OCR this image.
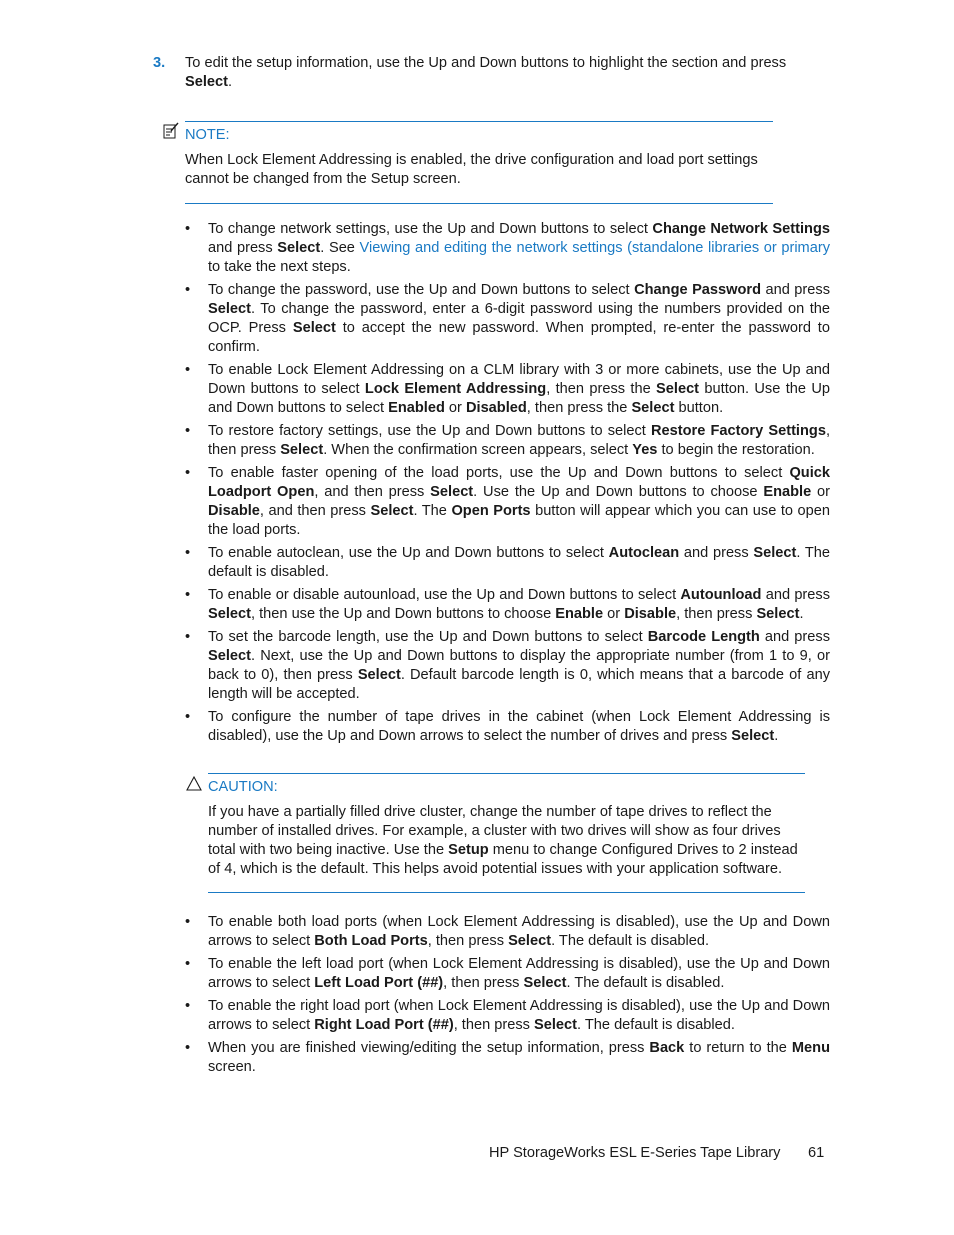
3.	To edit the setup information, use the Up and Down buttons to highlight the section and press Select.
NOTE:
When Lock Element Addressing is enabled, the drive configuration and load port settings cannot be changed from the Setup screen.
• To change network settings, use the Up and Down buttons to select Change Network Settings and press Select. See Viewing and editing the network settings (standalone libraries or primary to take the next steps.
• To change the password, use the Up and Down buttons to select Change Password and press Select. To change the password, enter a 6-digit password using the numbers provided on the OCP. Press Select to accept the new password. When prompted, re-enter the password to confirm.
• To enable Lock Element Addressing on a CLM library with 3 or more cabinets, use the Up and Down buttons to select Lock Element Addressing, then press the Select button. Use the Up and Down buttons to select Enabled or Disabled, then press the Select button.
• To restore factory settings, use the Up and Down buttons to select Restore Factory Settings, then press Select. When the confirmation screen appears, select Yes to begin the restoration.
• To enable faster opening of the load ports, use the Up and Down buttons to select Quick Loadport Open, and then press Select. Use the Up and Down buttons to choose Enable or Disable, and then press Select. The Open Ports button will appear which you can use to open the load ports.
• To enable autoclean, use the Up and Down buttons to select Autoclean and press Select. The default is disabled.
• To enable or disable autounload, use the Up and Down buttons to select Autounload and press Select, then use the Up and Down buttons to choose Enable or Disable, then press Select.
• To set the barcode length, use the Up and Down buttons to select Barcode Length and press Select. Next, use the Up and Down buttons to display the appropriate number (from 1 to 9, or back to 0), then press Select. Default barcode length is 0, which means that a barcode of any length will be accepted.
• To configure the number of tape drives in the cabinet (when Lock Element Addressing is disabled), use the Up and Down arrows to select the number of drives and press Select.
CAUTION:
If you have a partially filled drive cluster, change the number of tape drives to reflect the number of installed drives. For example, a cluster with two drives will show as four drives total with two being inactive. Use the Setup menu to change Configured Drives to 2 instead of 4, which is the default. This helps avoid potential issues with your application software.
• To enable both load ports (when Lock Element Addressing is disabled), use the Up and Down arrows to select Both Load Ports, then press Select. The default is disabled.
• To enable the left load port (when Lock Element Addressing is disabled), use the Up and Down arrows to select Left Load Port (##), then press Select. The default is disabled.
• To enable the right load port (when Lock Element Addressing is disabled), use the Up and Down arrows to select Right Load Port (##), then press Select. The default is disabled.
• When you are finished viewing/editing the setup information, press Back to return to the Menu screen.
HP StorageWorks ESL E-Series Tape Library 61
